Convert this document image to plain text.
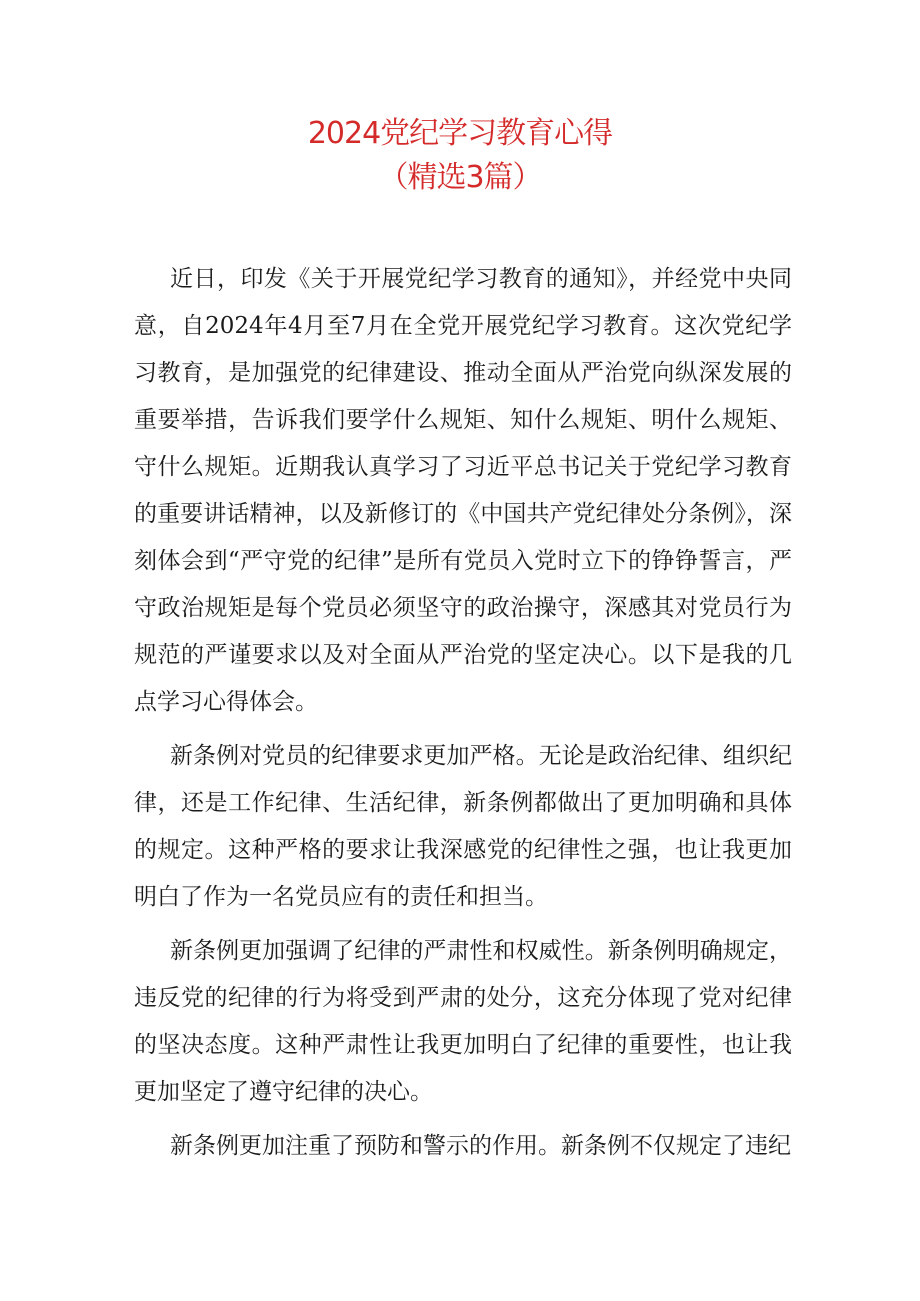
2024党纪学习教育心得
（精选3篇）

近日，印发《关于开展党纪学习教育的通知》，并经党中央同意，自2024年4月至7月在全党开展党纪学习教育。这次党纪学习教育，是加强党的纪律建设、推动全面从严治党向纵深发展的重要举措，告诉我们要学什么规矩、知什么规矩、明什么规矩、守什么规矩。近期我认真学习了习近平总书记关于党纪学习教育的重要讲话精神，以及新修订的《中国共产党纪律处分条例》，深刻体会到“严守党的纪律”是所有党员入党时立下的铮铮誓言，严守政治规矩是每个党员必须坚守的政治操守，深感其对党员行为规范的严谨要求以及对全面从严治党的坚定决心。以下是我的几点学习心得体会。

新条例对党员的纪律要求更加严格。无论是政治纪律、组织纪律，还是工作纪律、生活纪律，新条例都做出了更加明确和具体的规定。这种严格的要求让我深感党的纪律性之强，也让我更加明白了作为一名党员应有的责任和担当。

新条例更加强调了纪律的严肃性和权威性。新条例明确规定，违反党的纪律的行为将受到严肃的处分，这充分体现了党对纪律的坚决态度。这种严肃性让我更加明白了纪律的重要性，也让我更加坚定了遵守纪律的决心。

新条例更加注重了预防和警示的作用。新条例不仅规定了违纪
